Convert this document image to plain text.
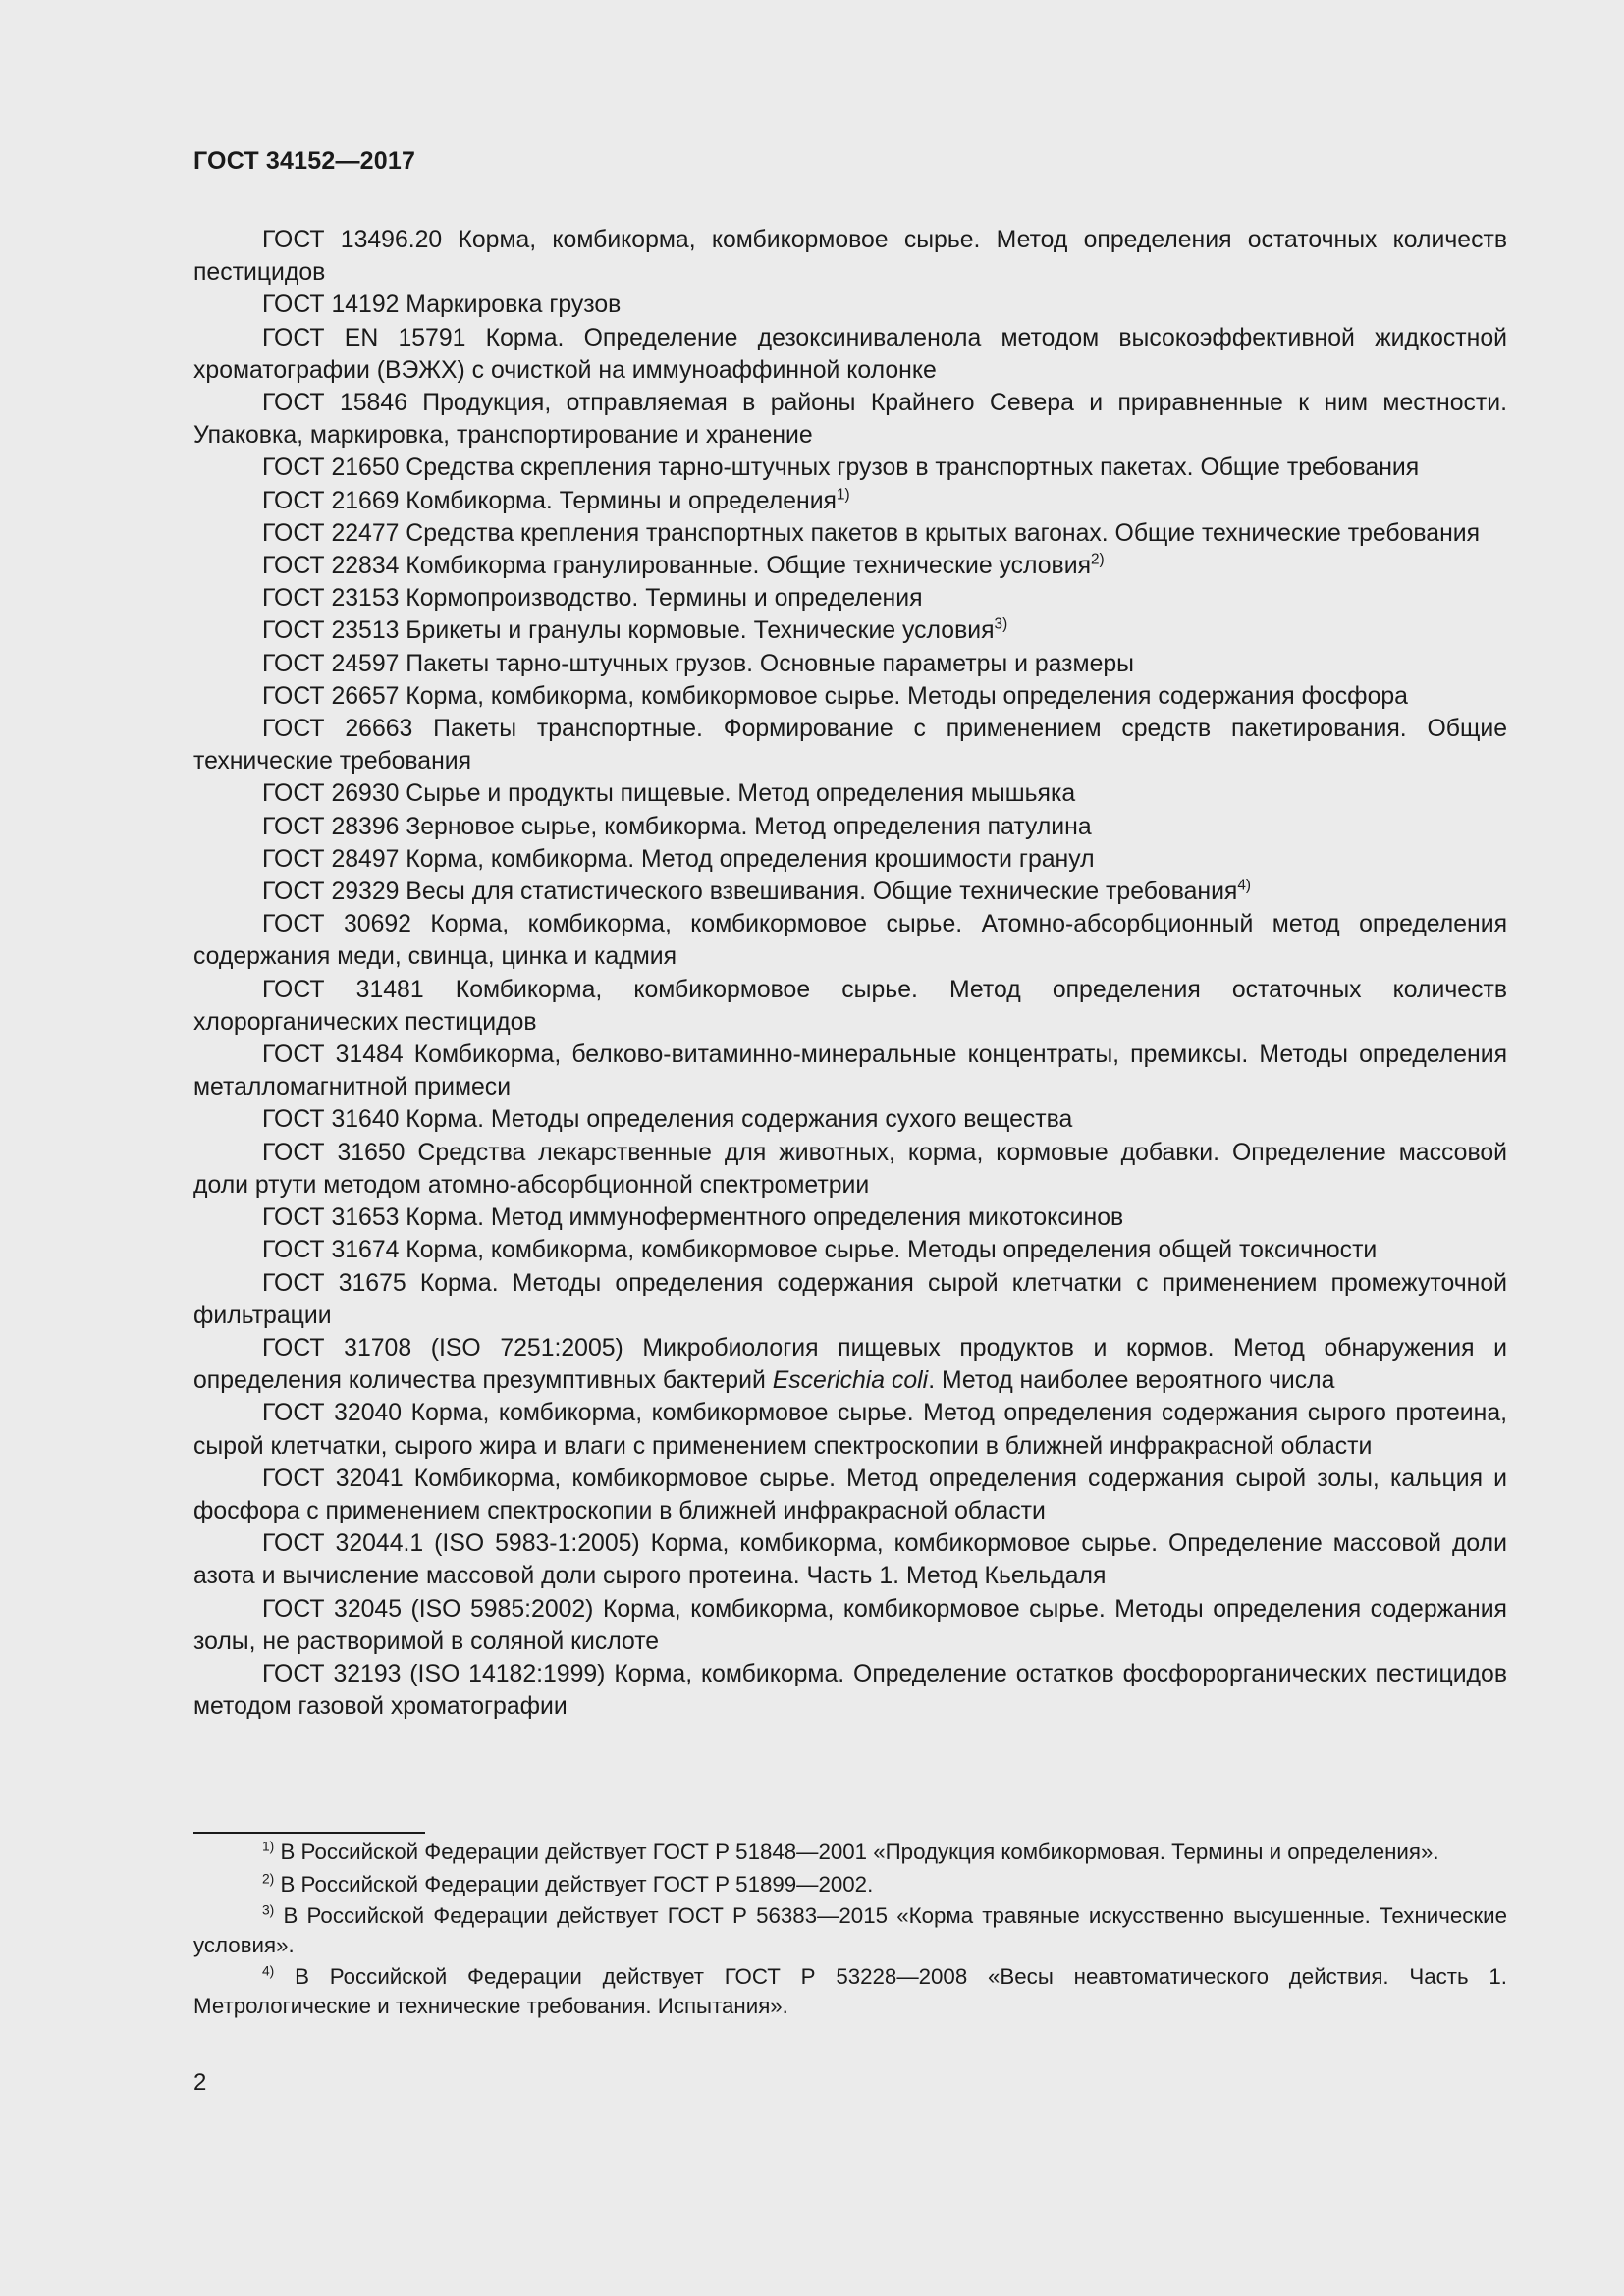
ГОСТ 34152—2017

ГОСТ 13496.20 Корма, комбикорма, комбикормовое сырье. Метод определения остаточных количеств пестицидов

ГОСТ 14192 Маркировка грузов

ГОСТ EN 15791 Корма. Определение дезоксиниваленола методом высокоэффективной жидкостной хроматографии (ВЭЖХ) с очисткой на иммуноаффинной колонке

ГОСТ 15846 Продукция, отправляемая в районы Крайнего Севера и приравненные к ним местности. Упаковка, маркировка, транспортирование и хранение

ГОСТ 21650 Средства скрепления тарно-штучных грузов в транспортных пакетах. Общие требования

ГОСТ 21669 Комбикорма. Термины и определения$^{1)}$

ГОСТ 22477 Средства крепления транспортных пакетов в крытых вагонах. Общие технические требования

ГОСТ 22834 Комбикорма гранулированные. Общие технические условия$^{2)}$

ГОСТ 23153 Кормопроизводство. Термины и определения

ГОСТ 23513 Брикеты и гранулы кормовые. Технические условия$^{3)}$

ГОСТ 24597 Пакеты тарно-штучных грузов. Основные параметры и размеры

ГОСТ 26657 Корма, комбикорма, комбикормовое сырье. Методы определения содержания фосфора

ГОСТ 26663 Пакеты транспортные. Формирование с применением средств пакетирования. Общие технические требования

ГОСТ 26930 Сырье и продукты пищевые. Метод определения мышьяка

ГОСТ 28396 Зерновое сырье, комбикорма. Метод определения патулина

ГОСТ 28497 Корма, комбикорма. Метод определения крошимости гранул

ГОСТ 29329 Весы для статистического взвешивания. Общие технические требования$^{4)}$

ГОСТ 30692 Корма, комбикорма, комбикормовое сырье. Атомно-абсорбционный метод определения содержания меди, свинца, цинка и кадмия

ГОСТ 31481 Комбикорма, комбикормовое сырье. Метод определения остаточных количеств хлорорганических пестицидов

ГОСТ 31484 Комбикорма, белково-витаминно-минеральные концентраты, премиксы. Методы определения металломагнитной примеси

ГОСТ 31640 Корма. Методы определения содержания сухого вещества

ГОСТ 31650 Средства лекарственные для животных, корма, кормовые добавки. Определение массовой доли ртути методом атомно-абсорбционной спектрометрии

ГОСТ 31653 Корма. Метод иммуноферментного определения микотоксинов

ГОСТ 31674 Корма, комбикорма, комбикормовое сырье. Методы определения общей токсичности

ГОСТ 31675 Корма. Методы определения содержания сырой клетчатки с применением промежуточной фильтрации

ГОСТ 31708 (ISO 7251:2005) Микробиология пищевых продуктов и кормов. Метод обнаружения и определения количества презумптивных бактерий Escerichia coli. Метод наиболее вероятного числа

ГОСТ 32040 Корма, комбикорма, комбикормовое сырье. Метод определения содержания сырого протеина, сырой клетчатки, сырого жира и влаги с применением спектроскопии в ближней инфракрасной области

ГОСТ 32041 Комбикорма, комбикормовое сырье. Метод определения содержания сырой золы, кальция и фосфора с применением спектроскопии в ближней инфракрасной области

ГОСТ 32044.1 (ISO 5983-1:2005) Корма, комбикорма, комбикормовое сырье. Определение массовой доли азота и вычисление массовой доли сырого протеина. Часть 1. Метод Кьельдаля

ГОСТ 32045 (ISO 5985:2002) Корма, комбикорма, комбикормовое сырье. Методы определения содержания золы, не растворимой в соляной кислоте

ГОСТ 32193 (ISO 14182:1999) Корма, комбикорма. Определение остатков фосфорорганических пестицидов методом газовой хроматографии

$^{1)}$ В Российской Федерации действует ГОСТ Р 51848—2001 «Продукция комбикормовая. Термины и определения».

$^{2)}$ В Российской Федерации действует ГОСТ Р 51899—2002.

$^{3)}$ В Российской Федерации действует ГОСТ Р 56383—2015 «Корма травяные искусственно высушенные. Технические условия».

$^{4)}$ В Российской Федерации действует ГОСТ Р 53228—2008 «Весы неавтоматического действия. Часть 1. Метрологические и технические требования. Испытания».

2
